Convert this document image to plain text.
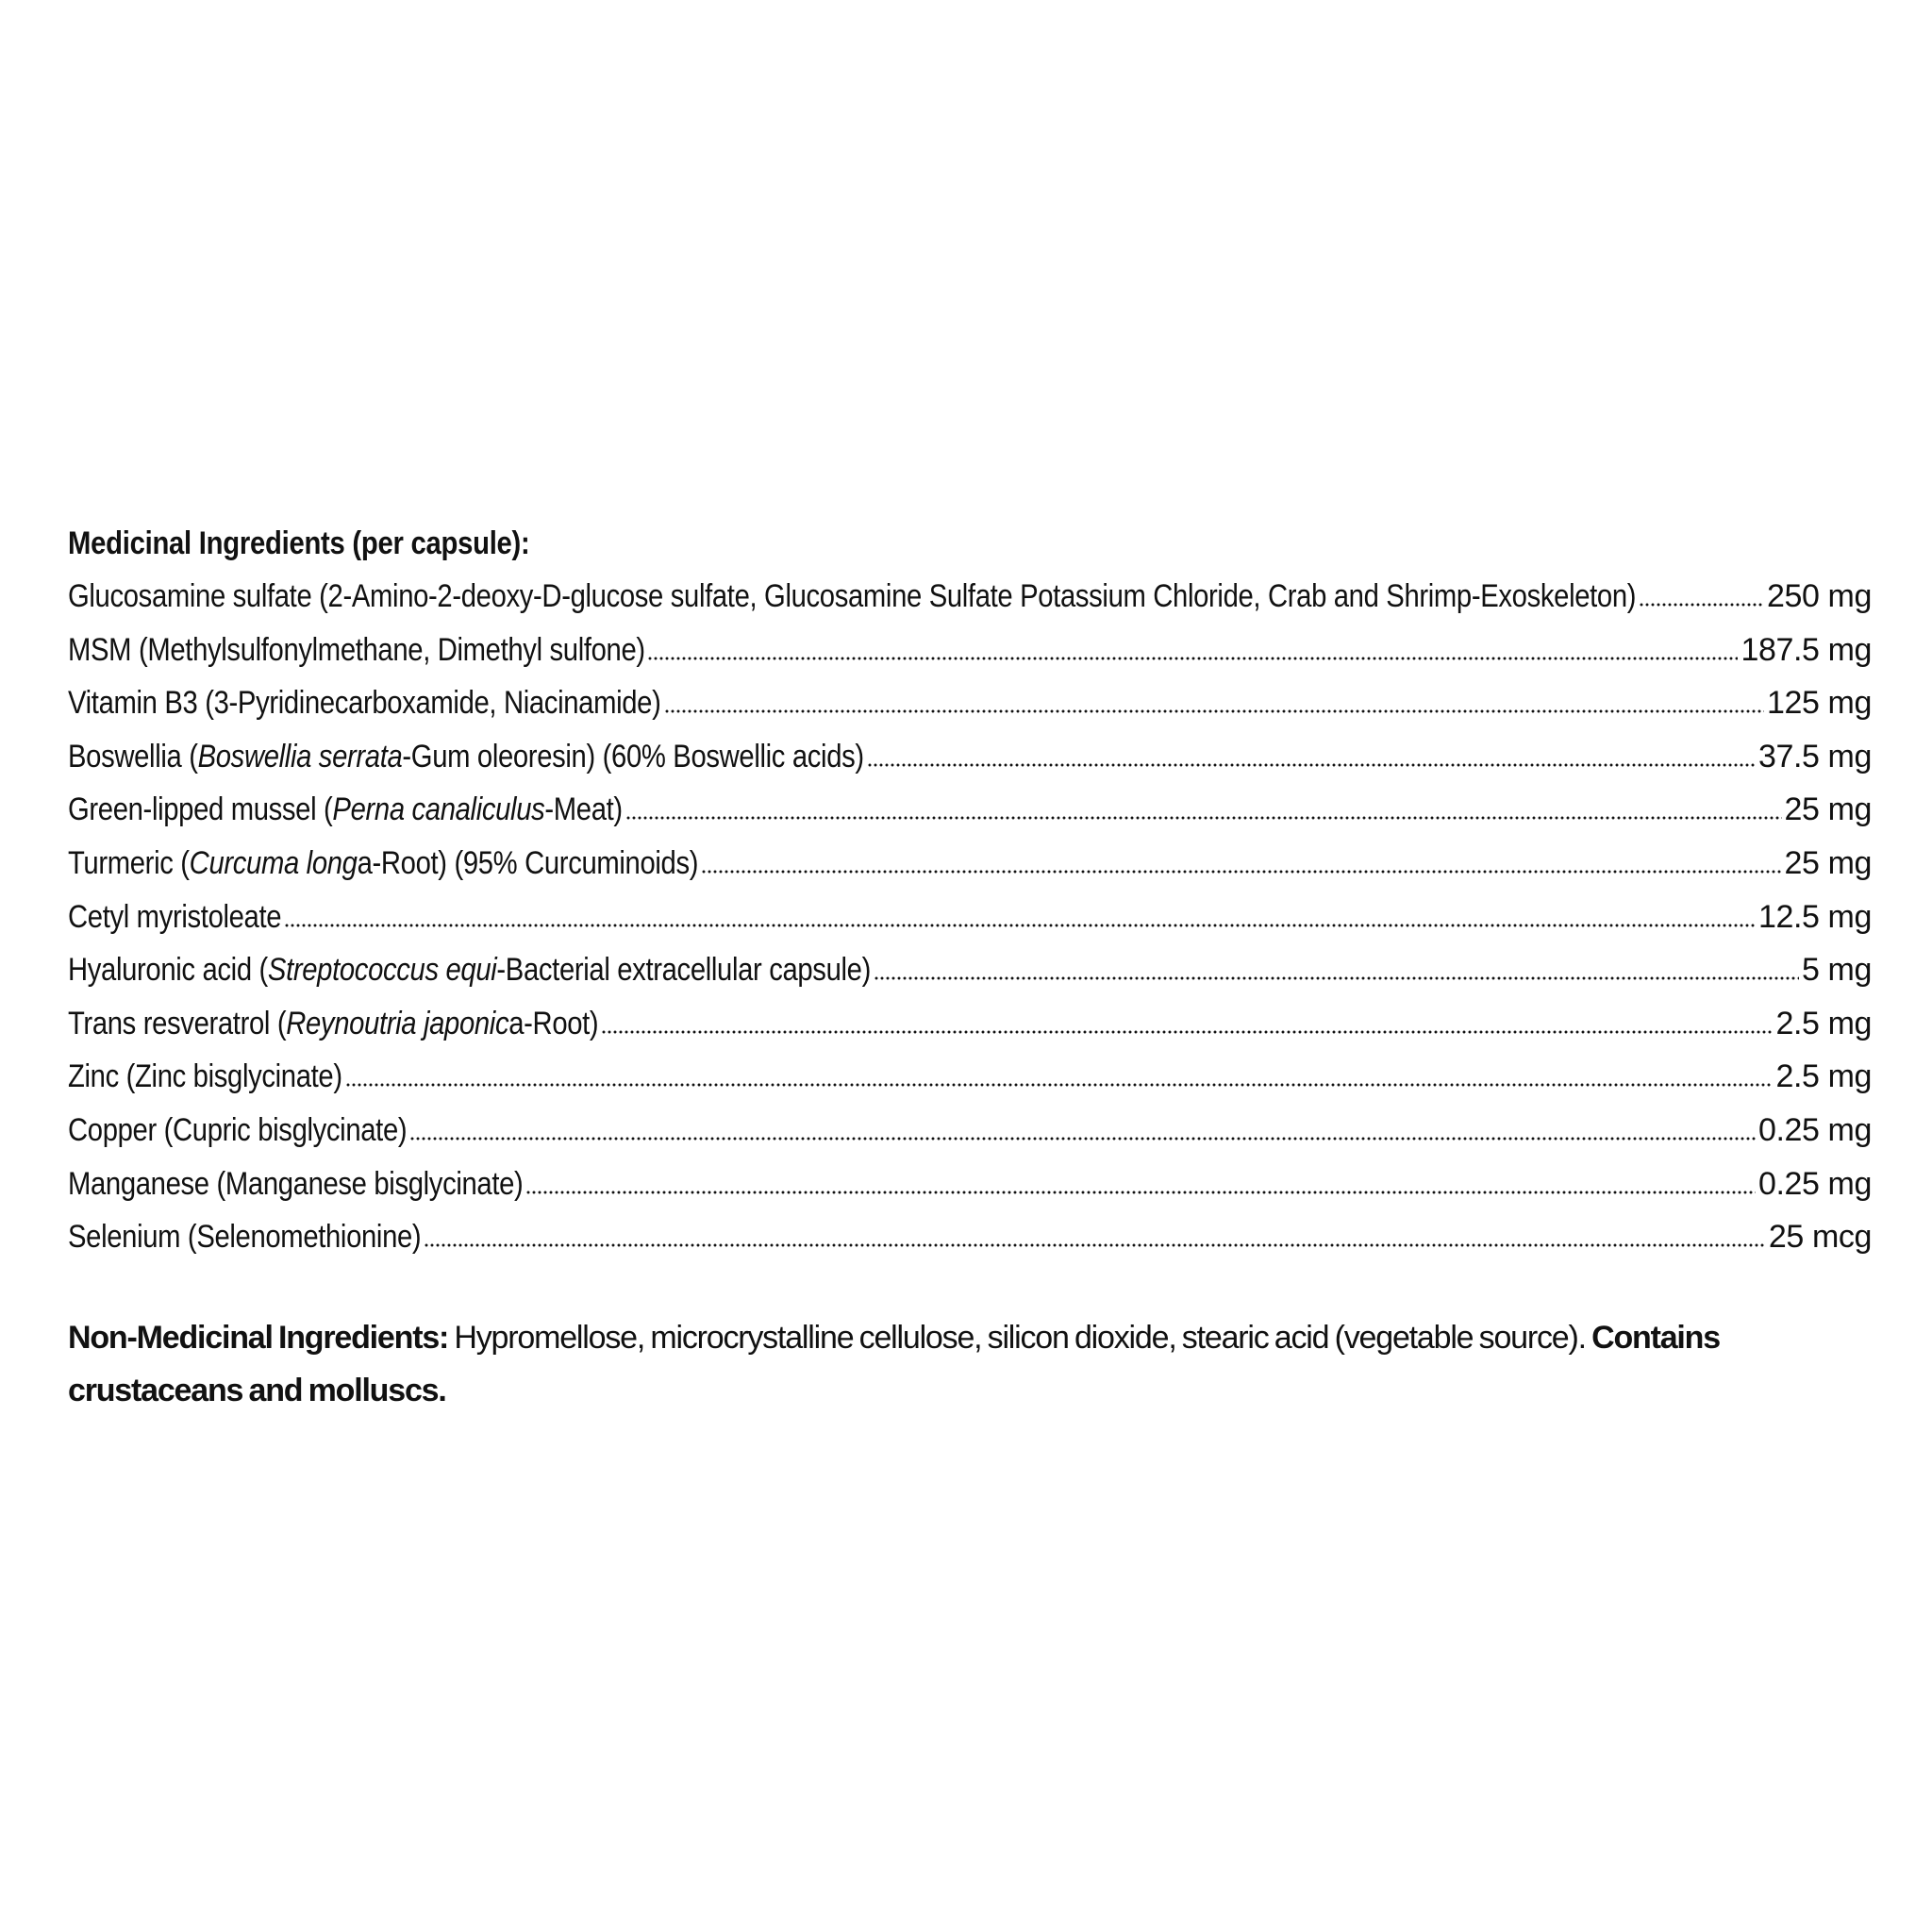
Medicinal Ingredients (per capsule):
Glucosamine sulfate (2-Amino-2-deoxy-D-glucose sulfate, Glucosamine Sulfate Potassium Chloride, Crab and Shrimp-Exoskeleton)	250 mg
MSM (Methylsulfonylmethane, Dimethyl sulfone)	187.5 mg
Vitamin B3 (3-Pyridinecarboxamide, Niacinamide)	125 mg
Boswellia (Boswellia serrata-Gum oleoresin) (60% Boswellic acids)	37.5 mg
Green-lipped mussel (Perna canaliculus-Meat)	25 mg
Turmeric (Curcuma longa-Root) (95% Curcuminoids)	25 mg
Cetyl myristoleate	12.5 mg
Hyaluronic acid (Streptococcus equi-Bacterial extracellular capsule)	5 mg
Trans resveratrol (Reynoutria japonica-Root)	2.5 mg
Zinc (Zinc bisglycinate)	2.5 mg
Copper (Cupric bisglycinate)	0.25 mg
Manganese (Manganese bisglycinate)	0.25 mg
Selenium (Selenomethionine)	25 mcg
Non-Medicinal Ingredients: Hypromellose, microcrystalline cellulose, silicon dioxide, stearic acid (vegetable source). Contains crustaceans and molluscs.
